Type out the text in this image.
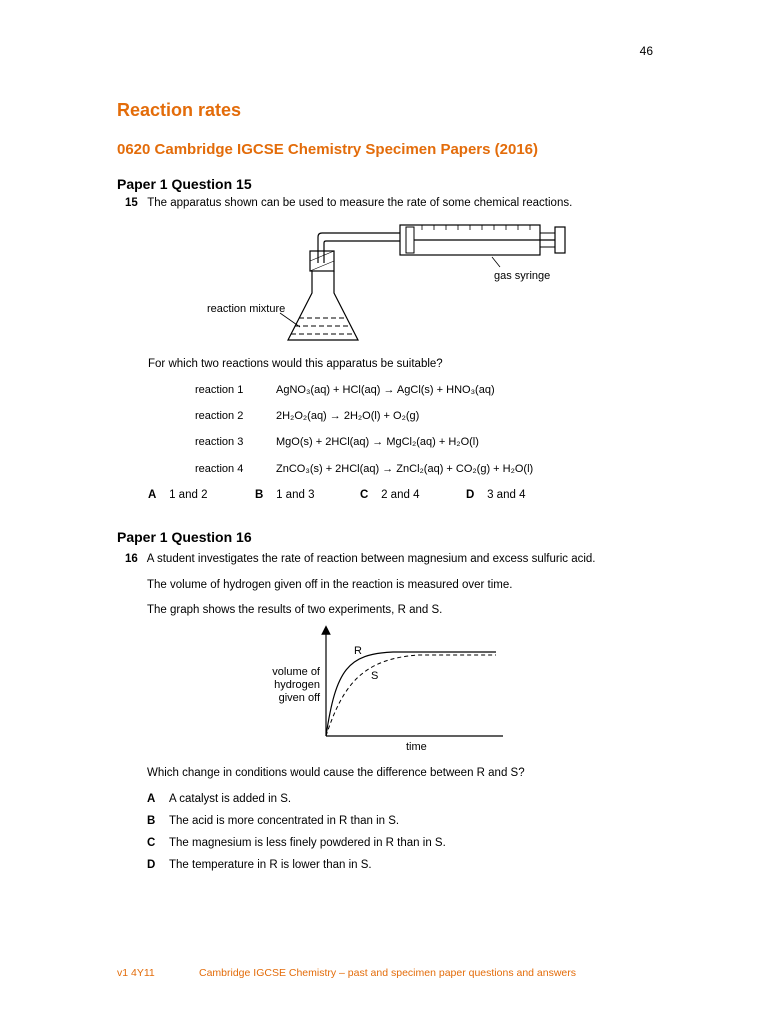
46
Reaction rates
0620 Cambridge IGCSE Chemistry Specimen Papers (2016)
Paper 1 Question 15
15 The apparatus shown can be used to measure the rate of some chemical reactions.
gas syringe
reaction mixture
For which two reactions would this apparatus be suitable?
reaction 1	AgNO₃(aq) + HCl(aq) → AgCl(s) + HNO₃(aq)
reaction 2	2H₂O₂(aq) → 2H₂O(l) + O₂(g)
reaction 3	MgO(s) + 2HCl(aq) → MgCl₂(aq) + H₂O(l)
reaction 4	ZnCO₃(s) + 2HCl(aq) → ZnCl₂(aq) + CO₂(g) + H₂O(l)
A 1 and 2	B 1 and 3	C 2 and 4	D 3 and 4
Paper 1 Question 16
16 A student investigates the rate of reaction between magnesium and excess sulfuric acid.
The volume of hydrogen given off in the reaction is measured over time.
The graph shows the results of two experiments, R and S.
R
S
volume of
hydrogen
given off
time
Which change in conditions would cause the difference between R and S?
A A catalyst is added in S.
B The acid is more concentrated in R than in S.
C The magnesium is less finely powdered in R than in S.
D The temperature in R is lower than in S.
v1 4Y11	Cambridge IGCSE Chemistry – past and specimen paper questions and answers
